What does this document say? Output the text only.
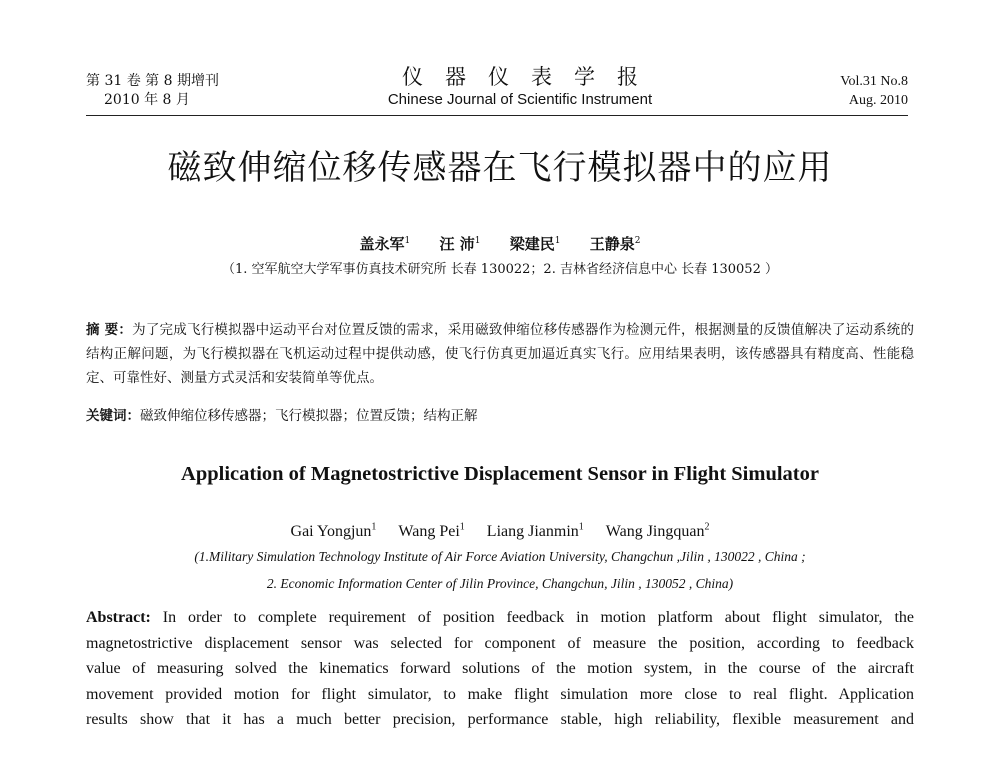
第 31 卷 第 8 期增刊
2010 年 8 月
仪器仪表学报
Chinese Journal of Scientific Instrument
Vol.31 No.8
Aug. 2010
磁致伸缩位移传感器在飞行模拟器中的应用
盖永军$^1$ 汪 沛$^1$ 梁建民$^1$ 王静泉$^2$
（1. 空军航空大学军事仿真技术研究所 长春 130022；2. 吉林省经济信息中心 长春 130052 ）
摘 要：为了完成飞行模拟器中运动平台对位置反馈的需求，采用磁致伸缩位移传感器作为检测元件，根据测量的反馈值解决了运动系统的结构正解问题，为飞行模拟器在飞机运动过程中提供动感，使飞行仿真更加逼近真实飞行。应用结果表明，该传感器具有精度高、性能稳定、可靠性好、测量方式灵活和安装简单等优点。
关键词：磁致伸缩位移传感器；飞行模拟器；位置反馈；结构正解
Application of Magnetostrictive Displacement Sensor in Flight Simulator
Gai Yongjun$^1$ Wang Pei$^1$ Liang Jianmin$^1$ Wang Jingquan$^2$
(1.Military Simulation Technology Institute of Air Force Aviation University, Changchun ,Jilin , 130022 , China ;
2. Economic Information Center of Jilin Province, Changchun, Jilin , 130052 , China)
Abstract: In order to complete requirement of position feedback in motion platform about flight simulator, the
magnetostrictive displacement sensor was selected for component of measure the position, according to feedback
value of measuring solved the kinematics forward solutions of the motion system, in the course of the aircraft
movement provided motion for flight simulator, to make flight simulation more close to real flight. Application
results show that it has a much better precision, performance stable, high reliability, flexible measurement and
